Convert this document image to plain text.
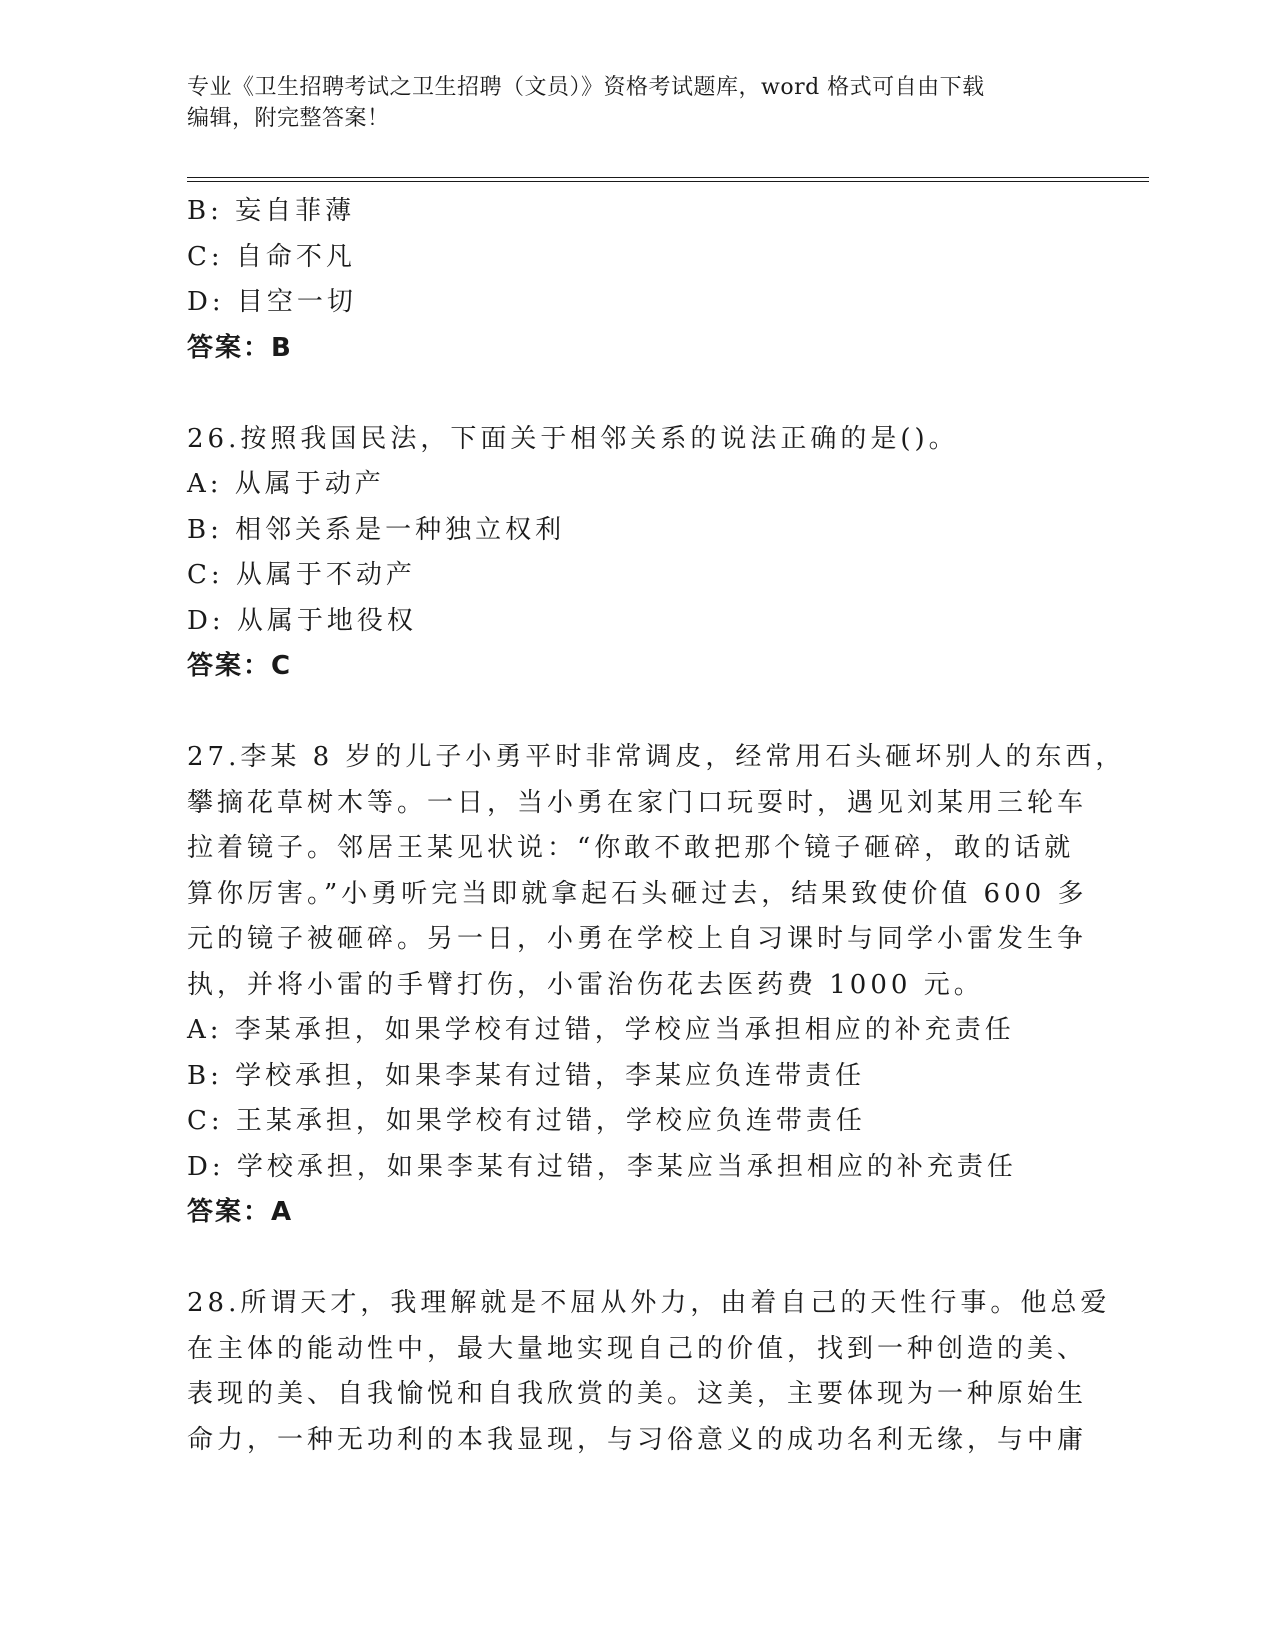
专业《卫生招聘考试之卫生招聘（文员）》资格考试题库，word 格式可自由下载
编辑，附完整答案！
B: 妄自菲薄
C: 自命不凡
D: 目空一切
答案：B
26.按照我国民法，下面关于相邻关系的说法正确的是()。
A: 从属于动产
B: 相邻关系是一种独立权利
C: 从属于不动产
D: 从属于地役权
答案：C
27.李某 8 岁的儿子小勇平时非常调皮，经常用石头砸坏别人的东西，
攀摘花草树木等。一日，当小勇在家门口玩耍时，遇见刘某用三轮车
拉着镜子。邻居王某见状说：“你敢不敢把那个镜子砸碎，敢的话就
算你厉害。”小勇听完当即就拿起石头砸过去，结果致使价值 600 多
元的镜子被砸碎。另一日，小勇在学校上自习课时与同学小雷发生争
执，并将小雷的手臂打伤，小雷治伤花去医药费 1000 元。
A: 李某承担，如果学校有过错，学校应当承担相应的补充责任
B: 学校承担，如果李某有过错，李某应负连带责任
C: 王某承担，如果学校有过错，学校应负连带责任
D: 学校承担，如果李某有过错，李某应当承担相应的补充责任
答案：A
28.所谓天才，我理解就是不屈从外力，由着自己的天性行事。他总爱
在主体的能动性中，最大量地实现自己的价值，找到一种创造的美、
表现的美、自我愉悦和自我欣赏的美。这美，主要体现为一种原始生
命力，一种无功利的本我显现，与习俗意义的成功名利无缘，与中庸
